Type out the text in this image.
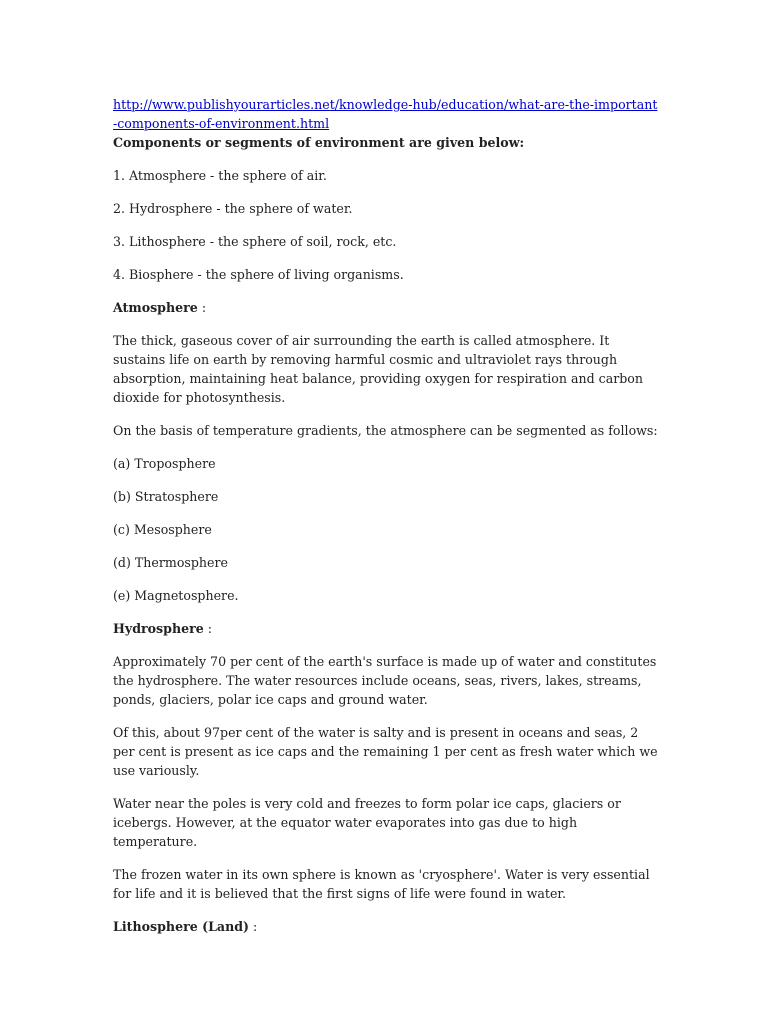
http://www.publishyourarticles.net/knowledge-hub/education/what-are-the-important-components-of-environment.html
Components or segments of environment are given below:

1. Atmosphere - the sphere of air.

2. Hydrosphere - the sphere of water.

3. Lithosphere - the sphere of soil, rock, etc.

4. Biosphere - the sphere of living organisms.

Atmosphere :

The thick, gaseous cover of air surrounding the earth is called atmosphere. It sustains life on earth by removing harmful cosmic and ultraviolet rays through absorption, maintaining heat balance, providing oxygen for respiration and carbon dioxide for photosynthesis.

On the basis of temperature gradients, the atmosphere can be segmented as follows:

(a) Troposphere

(b) Stratosphere

(c) Mesosphere

(d) Thermosphere

(e) Magnetosphere.

Hydrosphere :

Approximately 70 per cent of the earth's surface is made up of water and constitutes the hydrosphere. The water resources include oceans, seas, rivers, lakes, streams, ponds, glaciers, polar ice caps and ground water.

Of this, about 97per cent of the water is salty and is present in oceans and seas, 2 per cent is present as ice caps and the remaining 1 per cent as fresh water which we use variously.

Water near the poles is very cold and freezes to form polar ice caps, glaciers or icebergs. However, at the equator water evaporates into gas due to high temperature.

The frozen water in its own sphere is known as 'cryosphere'. Water is very essential for life and it is believed that the first signs of life were found in water.

Lithosphere (Land) :
